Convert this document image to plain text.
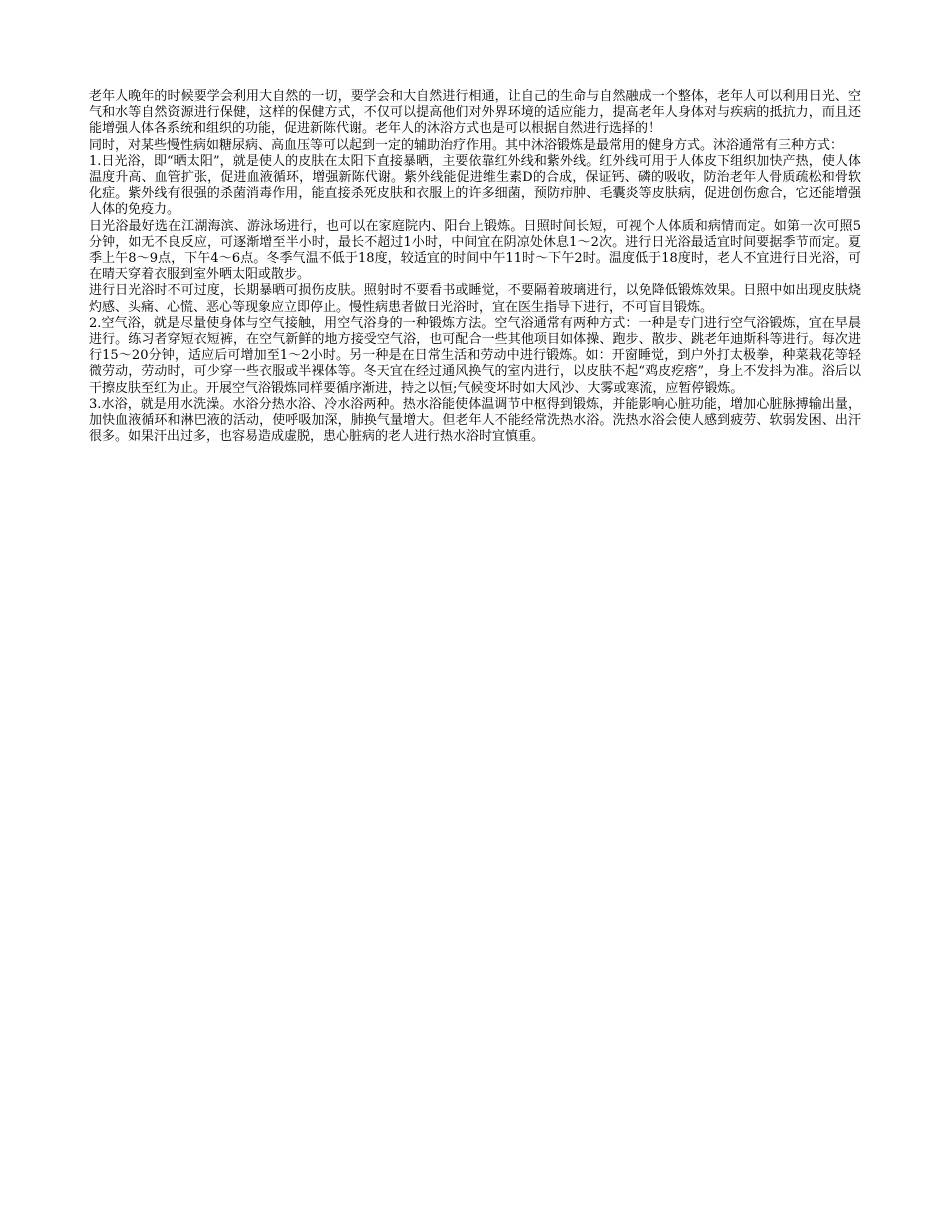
老年人晚年的时候要学会利用大自然的一切，要学会和大自然进行相通，让自己的生命与自然融成一个整体，老年人可以利用日光、空气和水等自然资源进行保健，这样的保健方式，不仅可以提高他们对外界环境的适应能力，提高老年人身体对与疾病的抵抗力，而且还能增强人体各系统和组织的功能，促进新陈代谢。老年人的沐浴方式也是可以根据自然进行选择的！

同时，对某些慢性病如糖尿病、高血压等可以起到一定的辅助治疗作用。其中沐浴锻炼是最常用的健身方式。沐浴通常有三种方式：

1.日光浴，即“晒太阳”，就是使人的皮肤在太阳下直接暴晒，主要依靠红外线和紫外线。红外线可用于人体皮下组织加快产热，使人体温度升高、血管扩张，促进血液循环，增强新陈代谢。紫外线能促进维生素D的合成，保证钙、磷的吸收，防治老年人骨质疏松和骨软化症。紫外线有很强的杀菌消毒作用，能直接杀死皮肤和衣服上的许多细菌，预防疖肿、毛囊炎等皮肤病，促进创伤愈合，它还能增强人体的免疫力。

日光浴最好选在江湖海滨、游泳场进行，也可以在家庭院内、阳台上锻炼。日照时间长短，可视个人体质和病情而定。如第一次可照5分钟，如无不良反应，可逐渐增至半小时，最长不超过1小时，中间宜在阴凉处休息1～2次。进行日光浴最适宜时间要据季节而定。夏季上午8～9点，下午4～6点。冬季气温不低于18度，较适宜的时间中午11时～下午2时。温度低于18度时，老人不宜进行日光浴，可在晴天穿着衣服到室外晒太阳或散步。

进行日光浴时不可过度，长期暴晒可损伤皮肤。照射时不要看书或睡觉，不要隔着玻璃进行，以免降低锻炼效果。日照中如出现皮肤烧灼感、头痛、心慌、恶心等现象应立即停止。慢性病患者做日光浴时，宜在医生指导下进行，不可盲目锻炼。

2.空气浴，就是尽量使身体与空气接触，用空气浴身的一种锻炼方法。空气浴通常有两种方式：一种是专门进行空气浴锻炼，宜在早晨进行。练习者穿短衣短裤，在空气新鲜的地方接受空气浴，也可配合一些其他项目如体操、跑步、散步、跳老年迪斯科等进行。每次进行15～20分钟，适应后可增加至1～2小时。另一种是在日常生活和劳动中进行锻炼。如：开窗睡觉，到户外打太极拳，种菜栽花等轻微劳动，劳动时，可少穿一些衣服或半裸体等。冬天宜在经过通风换气的室内进行，以皮肤不起“鸡皮疙瘩”，身上不发抖为准。浴后以干擦皮肤至红为止。开展空气浴锻炼同样要循序渐进，持之以恒;气候变坏时如大风沙、大雾或寒流，应暂停锻炼。

3.水浴，就是用水洗澡。水浴分热水浴、冷水浴两种。热水浴能使体温调节中枢得到锻炼，并能影响心脏功能，增加心脏脉搏输出量，加快血液循环和淋巴液的活动，使呼吸加深，肺换气量增大。但老年人不能经常洗热水浴。洗热水浴会使人感到疲劳、软弱发困、出汗很多。如果汗出过多，也容易造成虚脱，患心脏病的老人进行热水浴时宜慎重。
